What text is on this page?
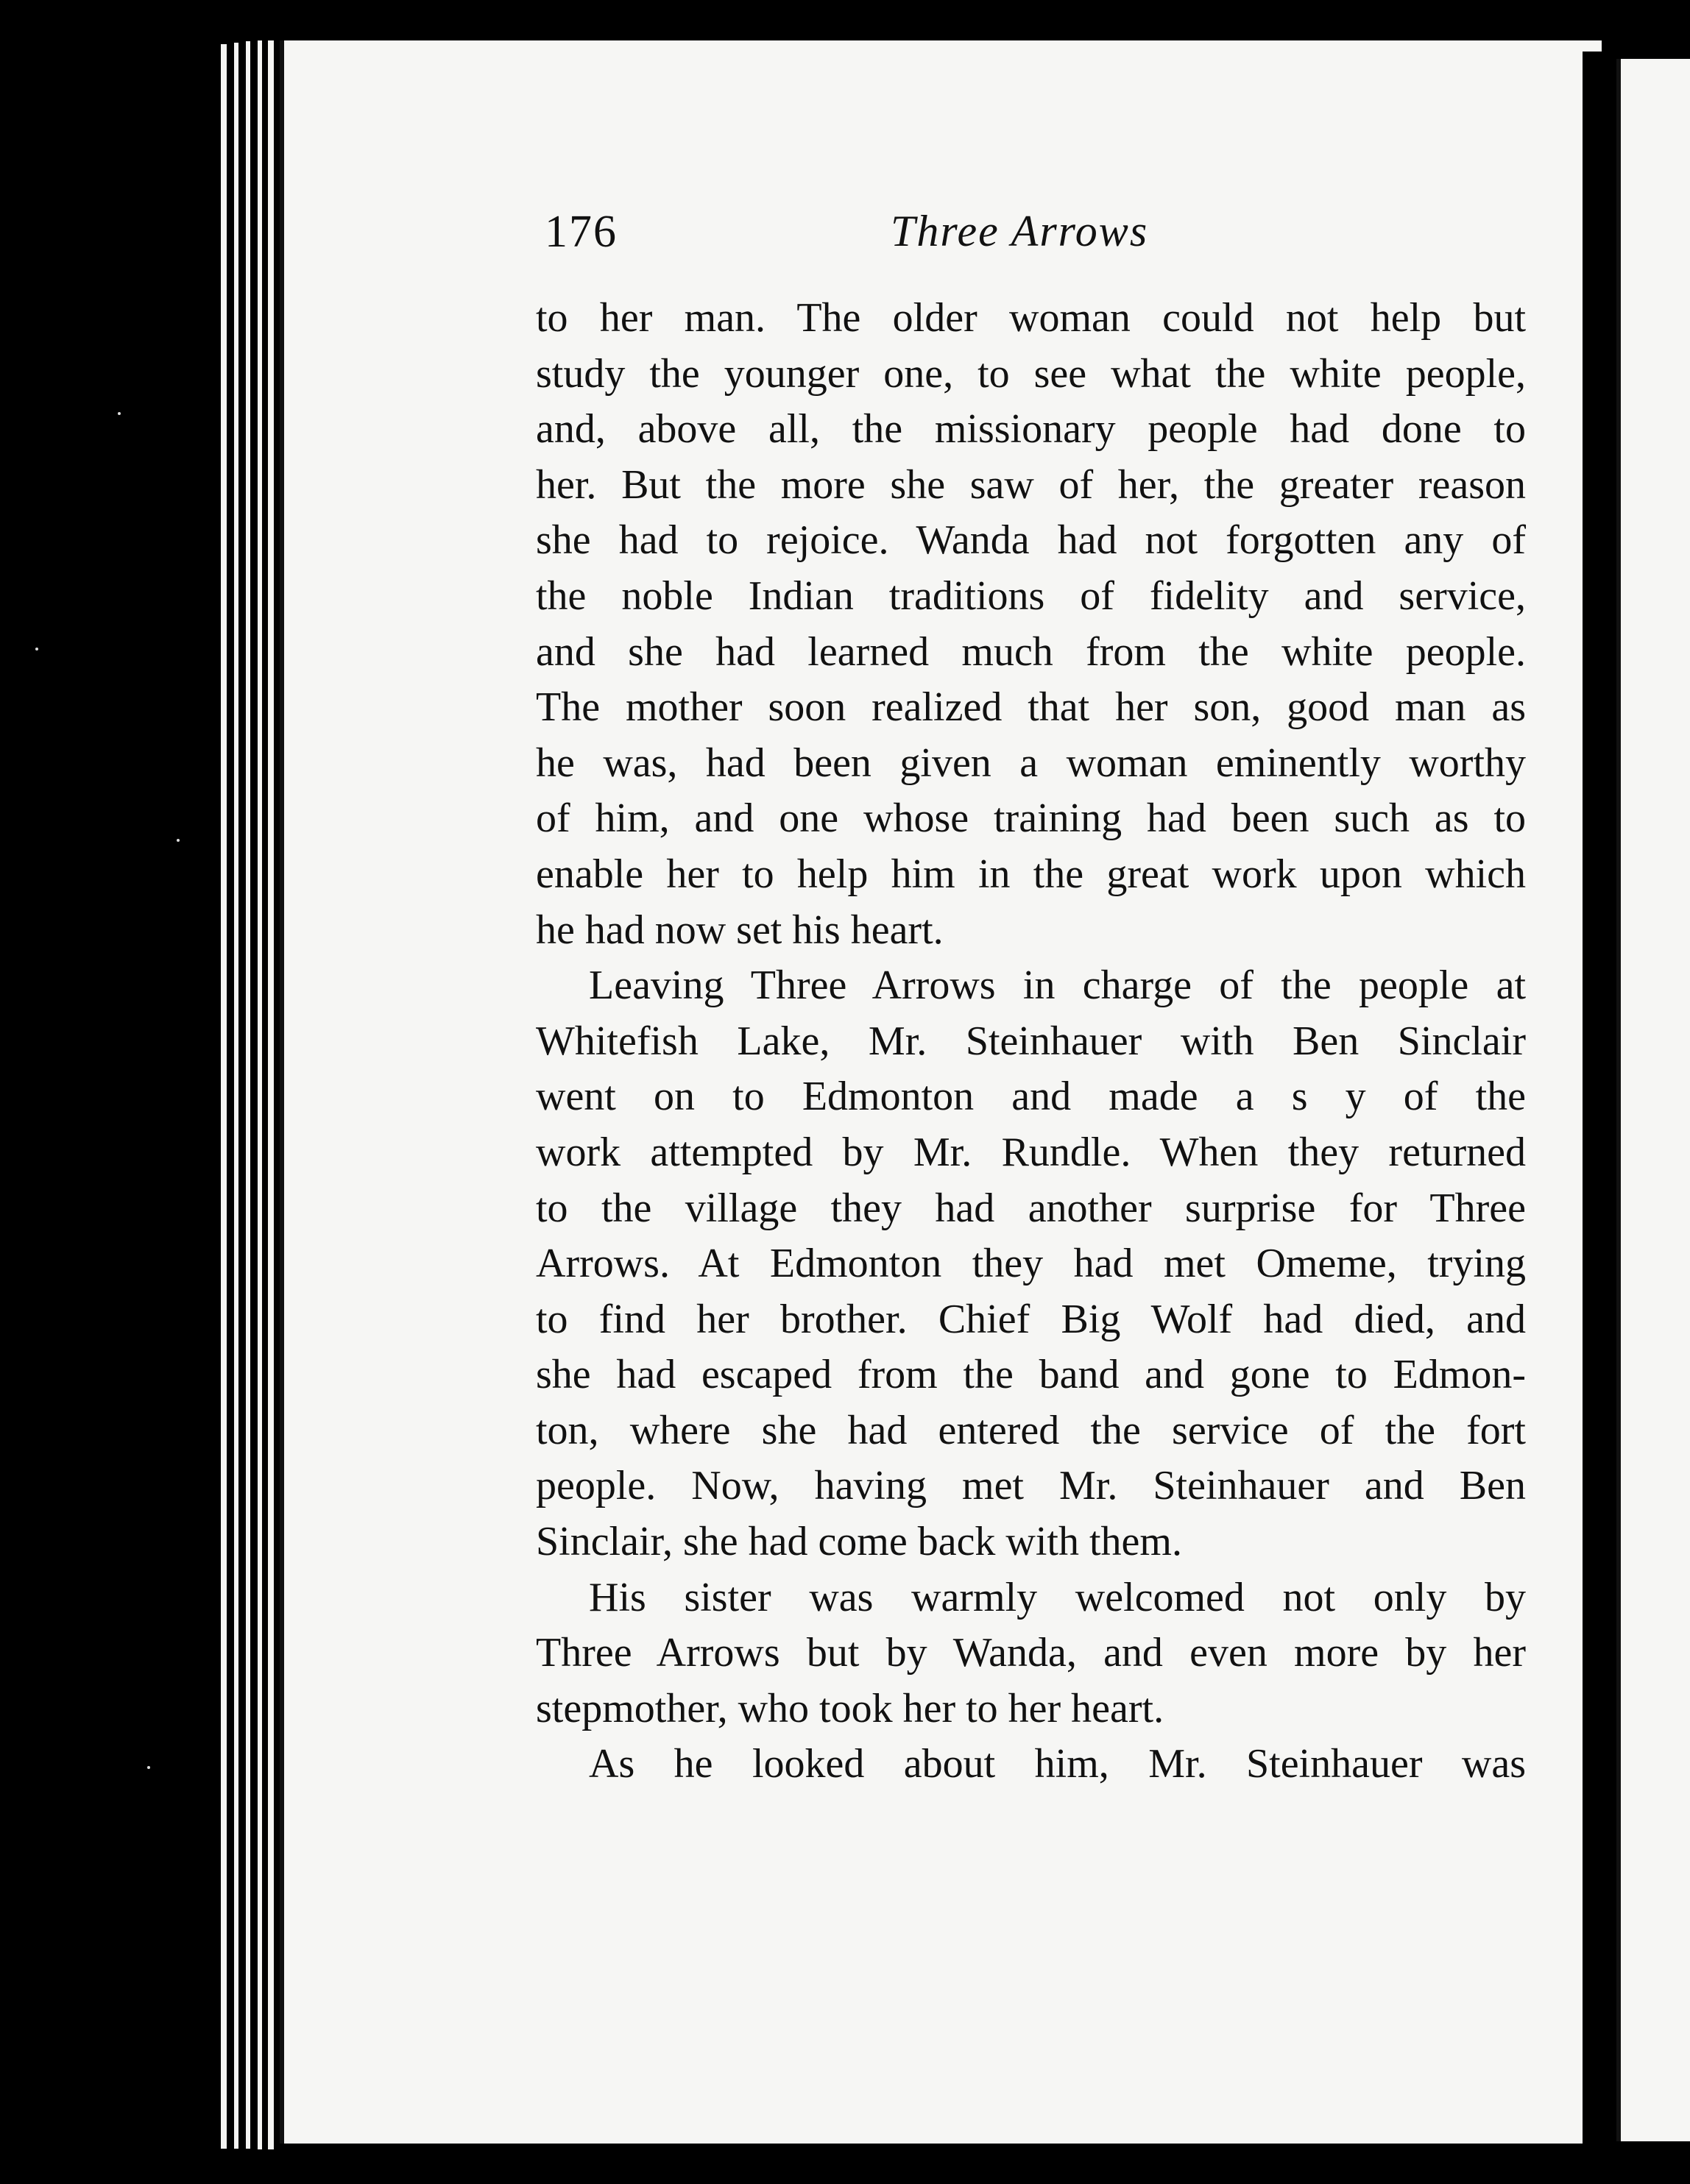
176	Three Arrows
to her man. The older woman could not help but
study the younger one, to see what the white people,
and, above all, the missionary people had done to
her. But the more she saw of her, the greater reason
she had to rejoice. Wanda had not forgotten any of
the noble Indian traditions of fidelity and service,
and she had learned much from the white people.
The mother soon realized that her son, good man as
he was, had been given a woman eminently worthy
of him, and one whose training had been such as to
enable her to help him in the great work upon which
he had now set his heart.
Leaving Three Arrows in charge of the people at
Whitefish Lake, Mr. Steinhauer with Ben Sinclair
went on to Edmonton and made a s y of the
work attempted by Mr. Rundle. When they returned
to the village they had another surprise for Three
Arrows. At Edmonton they had met Omeme, trying
to find her brother. Chief Big Wolf had died, and
she had escaped from the band and gone to Edmon-
ton, where she had entered the service of the fort
people. Now, having met Mr. Steinhauer and Ben
Sinclair, she had come back with them.
His sister was warmly welcomed not only by
Three Arrows but by Wanda, and even more by her
stepmother, who took her to her heart.
As he looked about him, Mr. Steinhauer was
